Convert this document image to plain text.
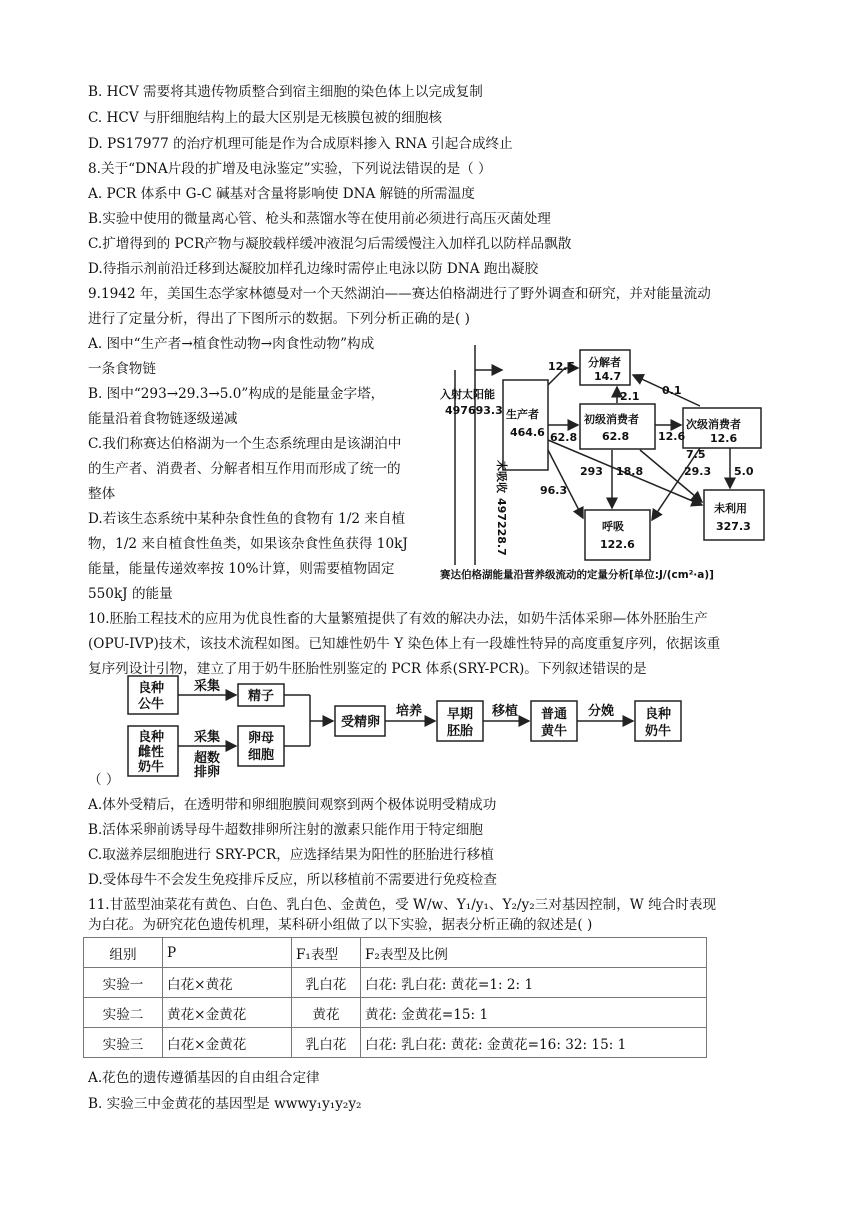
B. HCV 需要将其遗传物质整合到宿主细胞的染色体上以完成复制
C. HCV 与肝细胞结构上的最大区别是无核膜包被的细胞核
D. PS17977 的治疗机理可能是作为合成原料掺入 RNA 引起合成终止
8.关于“DNA片段的扩增及电泳鉴定”实验，下列说法错误的是（ ）
A. PCR 体系中 G-C 碱基对含量将影响使 DNA 解链的所需温度
B.实验中使用的微量离心管、枪头和蒸馏水等在使用前必须进行高压灭菌处理
C.扩增得到的 PCR产物与凝胶载样缓冲液混匀后需缓慢注入加样孔以防样品飘散
D.待指示剂前沿迁移到达凝胶加样孔边缘时需停止电泳以防 DNA 跑出凝胶
9.1942 年，美国生态学家林德曼对一个天然湖泊——赛达伯格湖进行了野外调查和研究，并对能量流动
进行了定量分析，得出了下图所示的数据。下列分析正确的是( )
A. 图中“生产者→植食性动物→肉食性动物”构成
一条食物链
B. 图中“293→29.3→5.0”构成的是能量金字塔，
能量沿着食物链逐级递减
C.我们称赛达伯格湖为一个生态系统理由是该湖泊中
的生产者、消费者、分解者相互作用而形成了统一的
整体
D.若该生态系统中某种杂食性鱼的食物有 1/2 来自植
物，1/2 来自植食性鱼类，如果该杂食性鱼获得 10kJ
能量，能量传递效率按 10%计算，则需要植物固定
550kJ 的能量
入射太阳能
497693.3 生产者
464.6
分解者
14.7
初级消费者
62.8
次级消费者
12.6
呼吸
122.6
未利用
327.3
12.5
2.1 0.1
62.8	12.6
7.5
293 18.8	29.3 5.0
96.3
未吸收
497228.7
赛达伯格湖能量沿营养级流动的定量分析[单位:J/(cm²·a)]
10.胚胎工程技术的应用为优良性畜的大量繁殖提供了有效的解决办法，如奶牛活体采卵—体外胚胎生产
(OPU-IVP)技术，该技术流程如图。已知雄性奶牛 Y 染色体上有一段雄性特异的高度重复序列，依据该重
复序列设计引物，建立了用于奶牛胚胎性别鉴定的 PCR 体系(SRY-PCR)。下列叙述错误的是
良种
公牛
采集
精子
良种
雌性
奶牛
采集
超数
排卵
卵母
细胞
受精卵
培养 早期
胚胎
移植 普通
黄牛
分娩 良种
奶牛
（ ）
A.体外受精后，在透明带和卵细胞膜间观察到两个极体说明受精成功
B.活体采卵前诱导母牛超数排卵所注射的激素只能作用于特定细胞
C.取滋养层细胞进行 SRY-PCR，应选择结果为阳性的胚胎进行移植
D.受体母牛不会发生免疫排斥反应，所以移植前不需要进行免疫检查
11.甘蓝型油菜花有黄色、白色、乳白色、金黄色，受 W/w、Y₁/y₁、Y₂/y₂三对基因控制，W 纯合时表现
为白花。为研究花色遗传机理，某科研小组做了以下实验，据表分析正确的叙述是( )
组别	P	F₁表型	F₂表型及比例
实验一	白花×黄花	乳白花	白花: 乳白花: 黄花=1: 2: 1
实验二	黄花×金黄花	黄花	黄花: 金黄花=15: 1
实验三	白花×金黄花	乳白花	白花: 乳白花: 黄花: 金黄花=16: 32: 15: 1
A.花色的遗传遵循基因的自由组合定律
B. 实验三中金黄花的基因型是 wwwy₁y₁y₂y₂
